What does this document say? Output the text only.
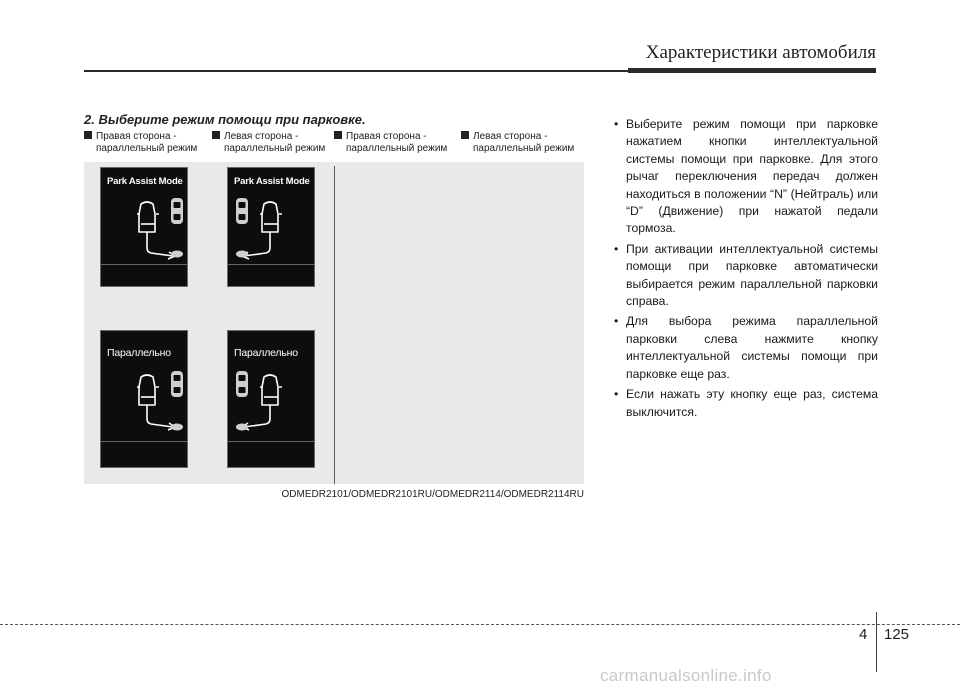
Характеристики автомобиля
2. Выберите режим помощи при парковке.
Правая сторона -
параллельный режим
Левая сторона -
параллельный режим
Правая сторона -
параллельный режим
Левая сторона -
параллельный режим
Park Assist Mode	Park Assist Mode
Параллельно	Параллельно
ODMEDR2101/ODMEDR2101RU/ODMEDR2114/ODMEDR2114RU
• Выберите режим помощи при парковке нажатием кнопки интеллектуальной системы помощи при парковке. Для этого рычаг переключения передач должен находиться в положении “N” (Нейтраль) или “D” (Движение) при нажатой педали тормоза.
• При активации интеллектуальной системы помощи при парковке автоматически выбирается режим параллельной парковки справа.
• Для выбора режима параллельной парковки слева нажмите кнопку интеллектуальной системы помощи при парковке еще раз.
• Если нажать эту кнопку еще раз, система выключится.
4 125
carmanualsonline.info
